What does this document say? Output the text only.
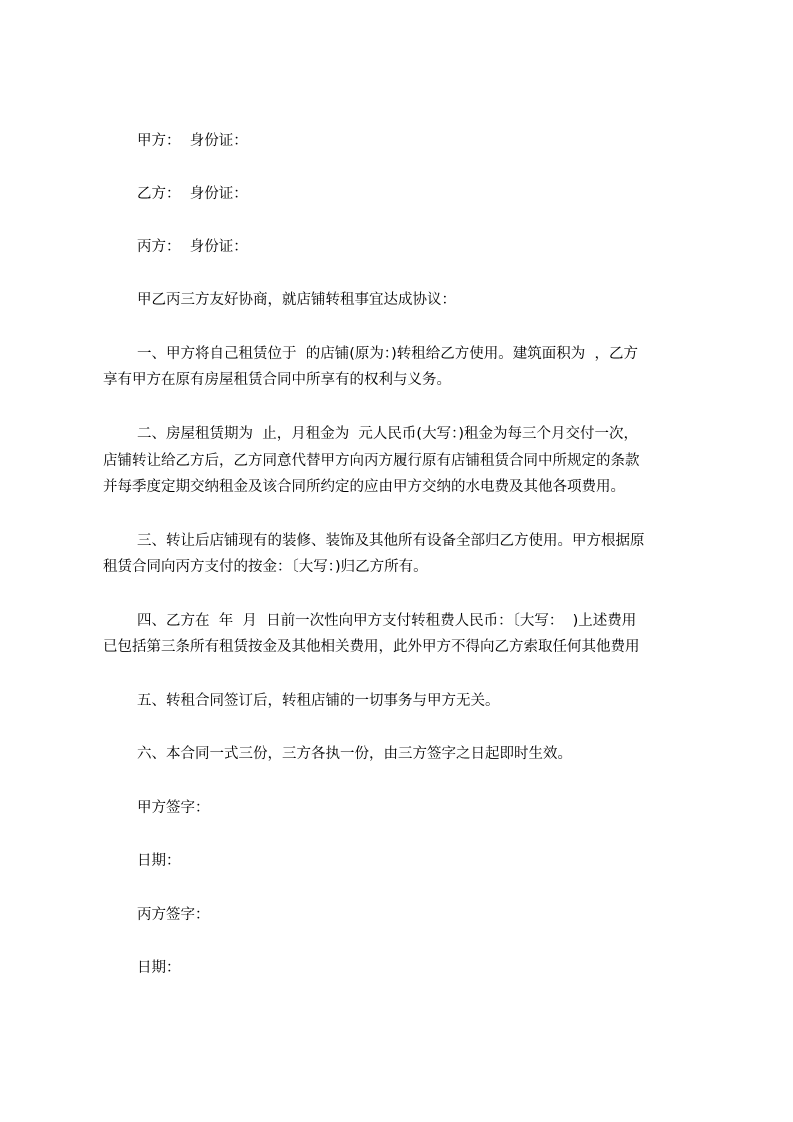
甲方：  身份证：

乙方：  身份证：

丙方：  身份证：

甲乙丙三方友好协商，就店铺转租事宜达成协议：

一、甲方将自己租赁位于  的店铺(原为：)转租给乙方使用。建筑面积为  ，乙方

享有甲方在原有房屋租赁合同中所享有的权利与义务。

二、房屋租赁期为  止，月租金为  元人民币(大写：)租金为每三个月交付一次，

店铺转让给乙方后，乙方同意代替甲方向丙方履行原有店铺租赁合同中所规定的条款

并每季度定期交纳租金及该合同所约定的应由甲方交纳的水电费及其他各项费用。

三、转让后店铺现有的装修、装饰及其他所有设备全部归乙方使用。甲方根据原

租赁合同向丙方支付的按金：〔大写：)归乙方所有。

四、乙方在  年  月  日前一次性向甲方支付转租费人民币：〔大写：  )上述费用

已包括第三条所有租赁按金及其他相关费用，此外甲方不得向乙方索取任何其他费用

五、转租合同签订后，转租店铺的一切事务与甲方无关。

六、本合同一式三份，三方各执一份，由三方签字之日起即时生效。

甲方签字：

日期：

丙方签字：

日期：
